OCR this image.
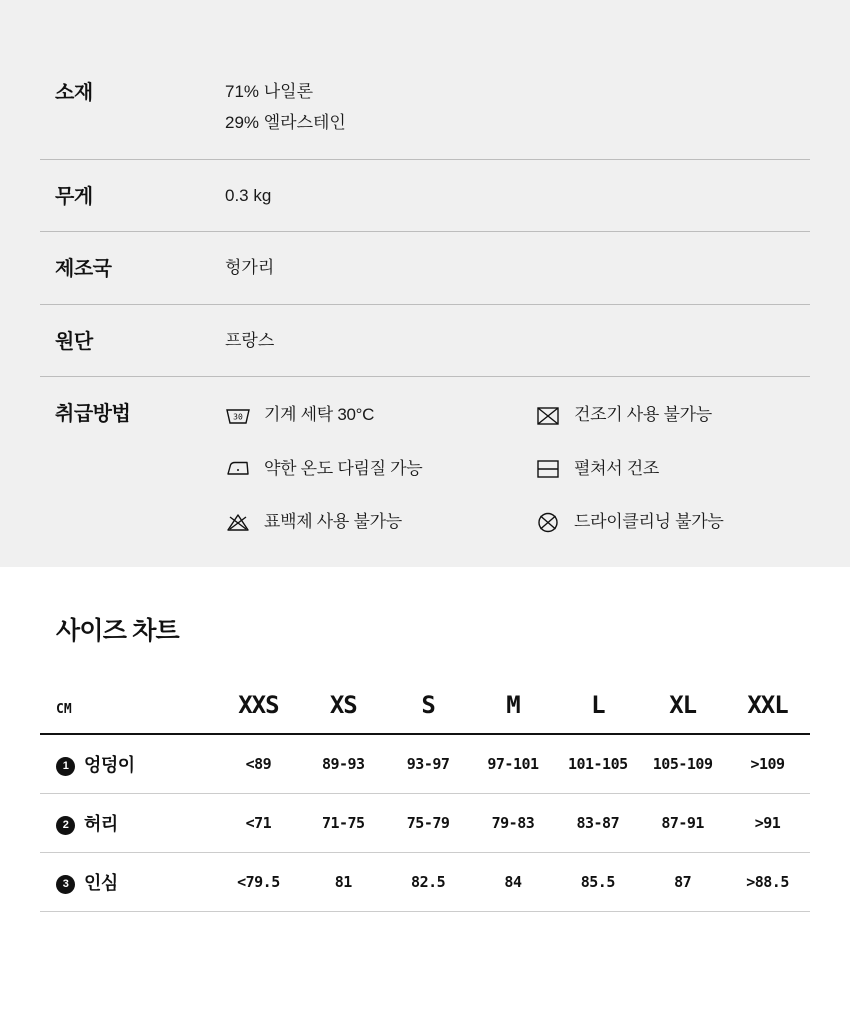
소재	71% 나일론
29% 엘라스테인

무게	0.3 kg

제조국	헝가리

원단	프랑스

취급방법	30 기계 세탁 30°C	건조기 사용 불가능
약한 온도 다림질 가능	펼쳐서 건조
표백제 사용 불가능	드라이클리닝 불가능
사이즈 차트
CM	XXS	XS	S	M	L	XL	XXL
1 엉덩이	<89	89-93	93-97	97-101	101-105	105-109	>109
2 허리	<71	71-75	75-79	79-83	83-87	87-91	>91
3 인심	<79.5	81	82.5	84	85.5	87	>88.5
